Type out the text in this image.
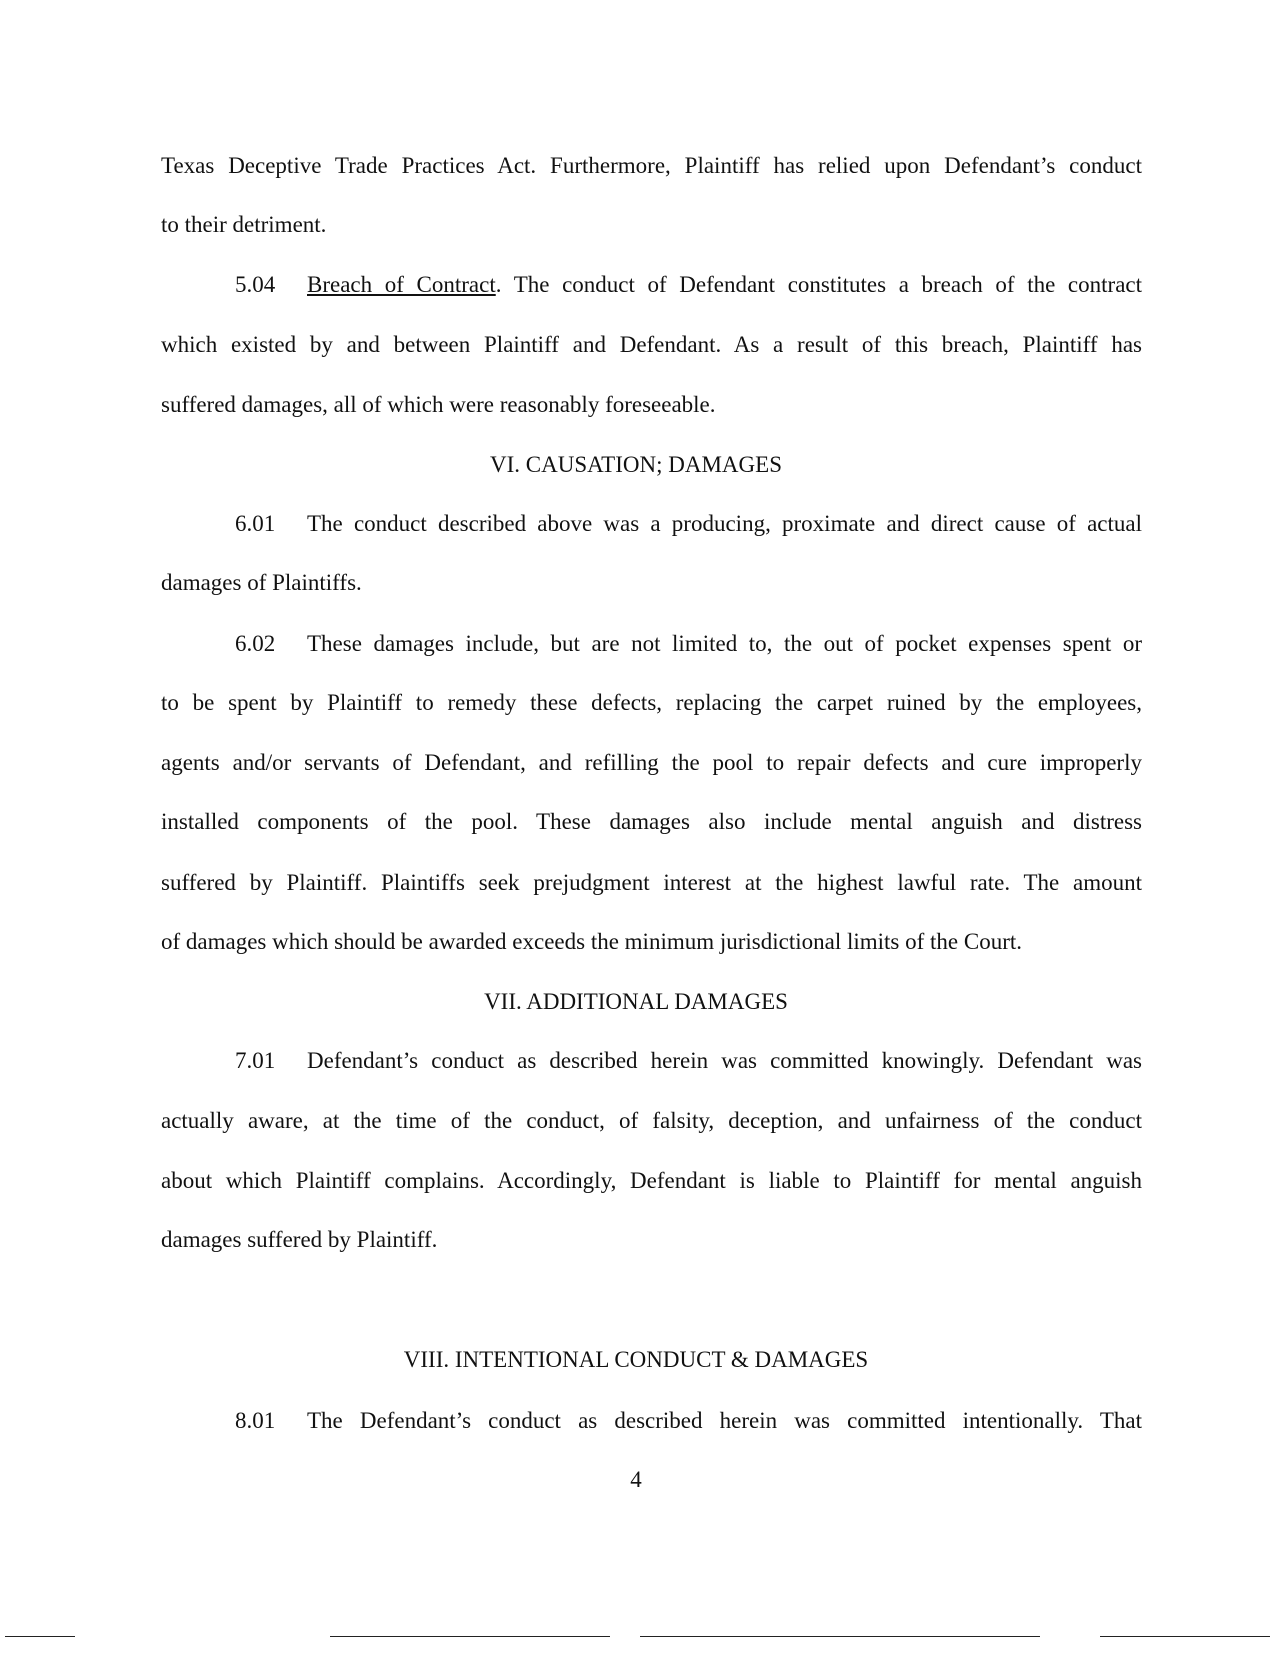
Texas Deceptive Trade Practices Act. Furthermore, Plaintiff has relied upon Defendant’s conduct
to their detriment.
5.04 Breach of Contract. The conduct of Defendant constitutes a breach of the contract
which existed by and between Plaintiff and Defendant. As a result of this breach, Plaintiff has
suffered damages, all of which were reasonably foreseeable.
VI. CAUSATION; DAMAGES
6.01 The conduct described above was a producing, proximate and direct cause of actual
damages of Plaintiffs.
6.02 These damages include, but are not limited to, the out of pocket expenses spent or
to be spent by Plaintiff to remedy these defects, replacing the carpet ruined by the employees,
agents and/or servants of Defendant, and refilling the pool to repair defects and cure improperly
installed components of the pool. These damages also include mental anguish and distress
suffered by Plaintiff. Plaintiffs seek prejudgment interest at the highest lawful rate. The amount
of damages which should be awarded exceeds the minimum jurisdictional limits of the Court.
VII. ADDITIONAL DAMAGES
7.01 Defendant’s conduct as described herein was committed knowingly. Defendant was
actually aware, at the time of the conduct, of falsity, deception, and unfairness of the conduct
about which Plaintiff complains. Accordingly, Defendant is liable to Plaintiff for mental anguish
damages suffered by Plaintiff.
VIII. INTENTIONAL CONDUCT & DAMAGES
8.01 The Defendant’s conduct as described herein was committed intentionally. That
4
